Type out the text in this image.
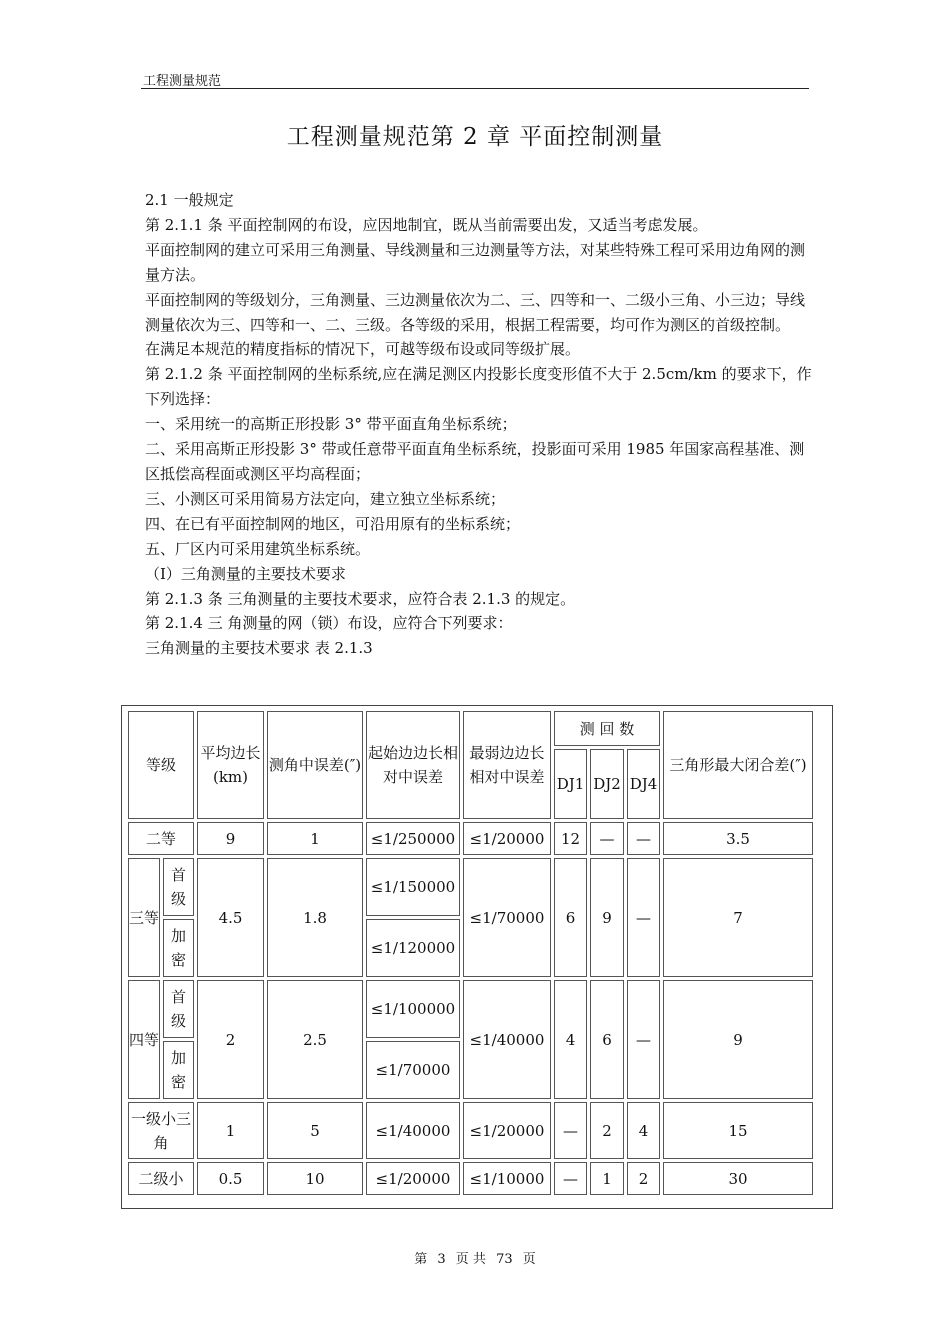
工程测量规范
工程测量规范第 2 章 平面控制测量

2.1 一般规定

第 2.1.1 条 平面控制网的布设，应因地制宜，既从当前需要出发，又适当考虑发展。

平面控制网的建立可采用三角测量、导线测量和三边测量等方法，对某些特殊工程可采用边角网的测量方法。

平面控制网的等级划分，三角测量、三边测量依次为二、三、四等和一、二级小三角、小三边；导线测量依次为三、四等和一、二、三级。各等级的采用，根据工程需要，均可作为测区的首级控制。

在满足本规范的精度指标的情况下，可越等级布设或同等级扩展。

第 2.1.2 条 平面控制网的坐标系统,应在满足测区内投影长度变形值不大于 2.5cm/km 的要求下，作下列选择：

一、采用统一的高斯正形投影 3° 带平面直角坐标系统；

二、采用高斯正形投影 3° 带或任意带平面直角坐标系统，投影面可采用 1985 年国家高程基准、测区抵偿高程面或测区平均高程面；

三、小测区可采用简易方法定向，建立独立坐标系统；

四、在已有平面控制网的地区，可沿用原有的坐标系统；

五、厂区内可采用建筑坐标系统。

（Ⅰ）三角测量的主要技术要求

第 2.1.3 条 三角测量的主要技术要求，应符合表 2.1.3 的规定。

第 2.1.4 三 角测量的网（锁）布设，应符合下列要求：

三角测量的主要技术要求 表 2.1.3

等级		平均边长(km)	测角中误差(″)	起始边边长相对中误差	最弱边边长相对中误差	测 回 数			三角形最大闭合差(″)
						DJ1	DJ2	DJ4	
二等		9	1	≤1/250000	≤1/20000	12	—	—	3.5
三等	首级	4.5	1.8	≤1/150000	≤1/70000	6	9	—	7
	加密			≤1/120000					
四等	首级	2	2.5	≤1/100000	≤1/40000	4	6	—	9
	加密			≤1/70000					
一级小三角		1	5	≤1/40000	≤1/20000	—	2	4	15
二级小		0.5	10	≤1/20000	≤1/10000	—	1	2	30
第 3 页 共 73 页
